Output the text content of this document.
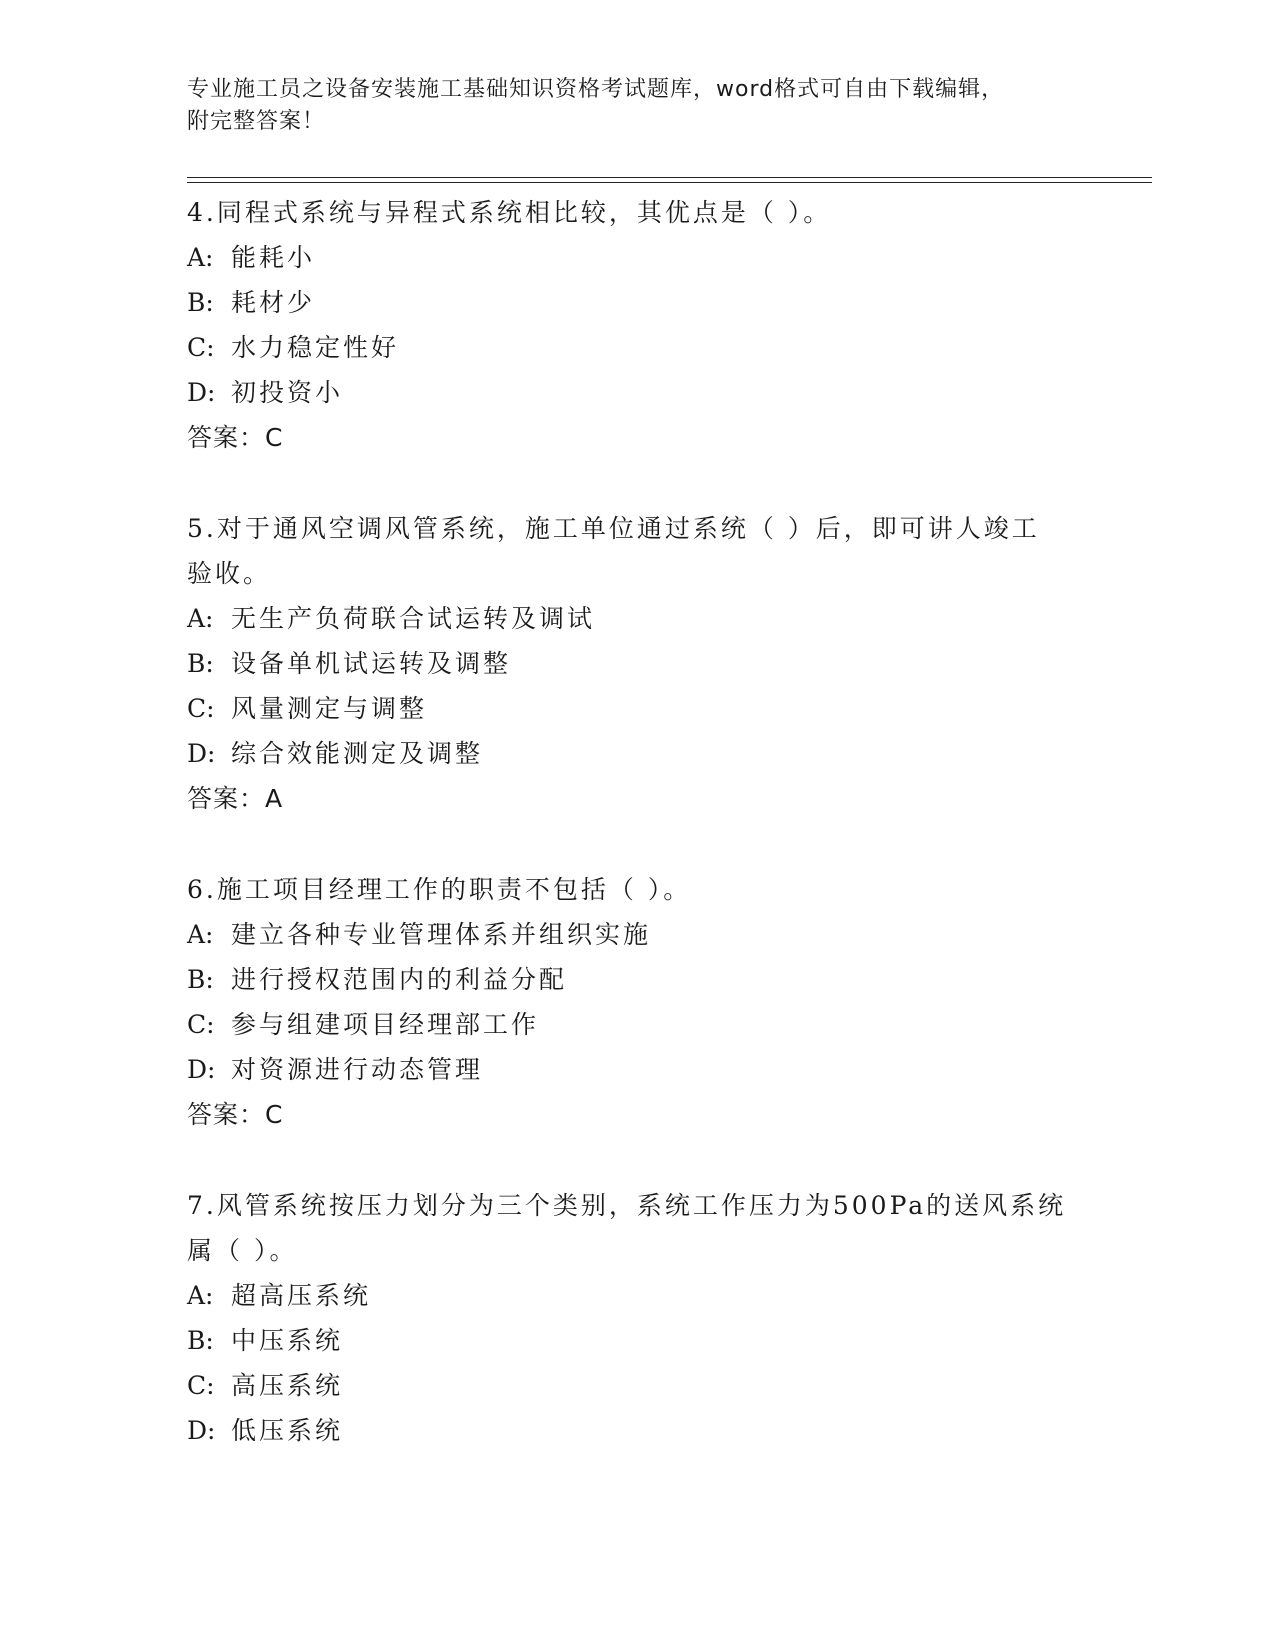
专业施工员之设备安装施工基础知识资格考试题库，word格式可自由下载编辑，
附完整答案！

4.同程式系统与异程式系统相比较，其优点是（ ）。

A: 能耗小

B: 耗材少

C: 水力稳定性好

D: 初投资小

答案：C

5.对于通风空调风管系统，施工单位通过系统（ ）后，即可讲人竣工验收。

A: 无生产负荷联合试运转及调试

B: 设备单机试运转及调整

C: 风量测定与调整

D: 综合效能测定及调整

答案：A

6.施工项目经理工作的职责不包括（ ）。

A: 建立各种专业管理体系并组织实施

B: 进行授权范围内的利益分配

C: 参与组建项目经理部工作

D: 对资源进行动态管理

答案：C

7.风管系统按压力划分为三个类别，系统工作压力为500Pa的送风系统属（ ）。

A: 超高压系统

B: 中压系统

C: 高压系统

D: 低压系统
